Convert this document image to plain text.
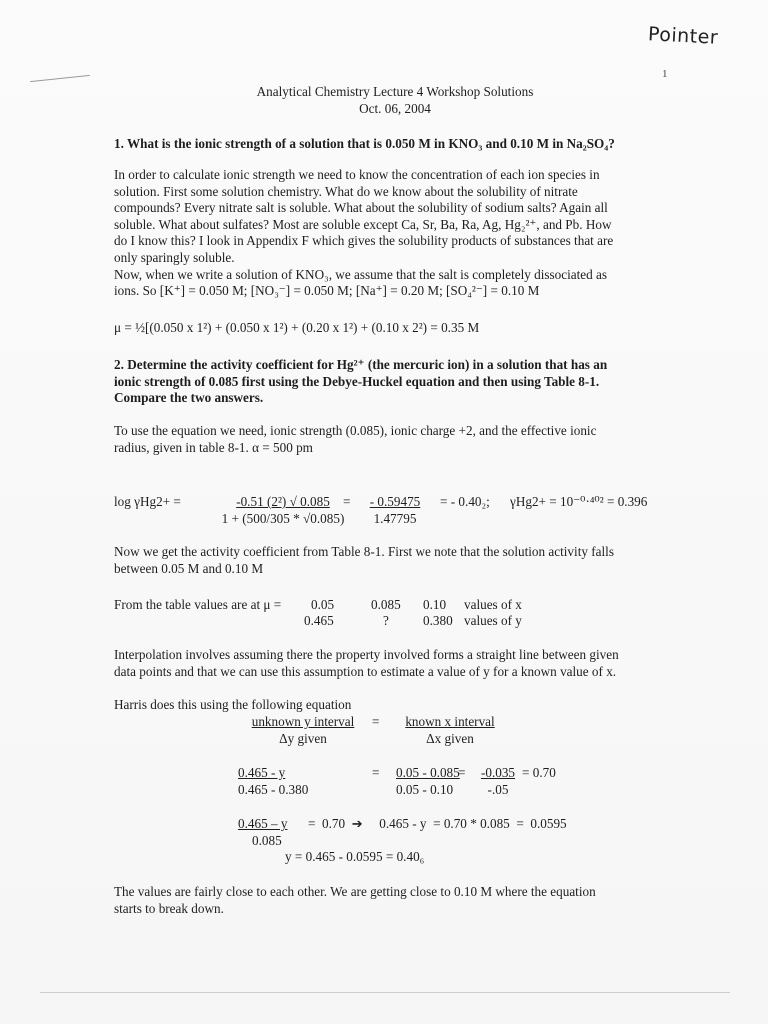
Pointer
1

Analytical Chemistry Lecture 4 Workshop Solutions

Oct. 06, 2004

1. What is the ionic strength of a solution that is 0.050 M in KNO₃ and 0.10 M in Na₂SO₄?

In order to calculate ionic strength we need to know the concentration of each ion species in

solution. First some solution chemistry. What do we know about the solubility of nitrate

compounds? Every nitrate salt is soluble. What about the solubility of sodium salts? Again all

soluble. What about sulfates? Most are soluble except Ca, Sr, Ba, Ra, Ag, Hg₂²⁺, and Pb. How

do I know this? I look in Appendix F which gives the solubility products of substances that are

only sparingly soluble.

Now, when we write a solution of KNO₃, we assume that the salt is completely dissociated as

ions. So [K⁺] = 0.050 M; [NO₃⁻] = 0.050 M; [Na⁺] = 0.20 M; [SO₄²⁻] = 0.10 M

μ = ½[(0.050 x 1²) + (0.050 x 1²) + (0.20 x 1²) + (0.10 x 2²) = 0.35 M

2. Determine the activity coefficient for Hg²⁺ (the mercuric ion) in a solution that has an

ionic strength of 0.085 first using the Debye-Huckel equation and then using Table 8-1.

Compare the two answers.

To use the equation we need, ionic strength (0.085), ionic charge +2, and the effective ionic

radius, given in table 8-1. α = 500 pm

$\log \gamma Hg2+ = \frac{\text{-0.51 (2²) √ 0.085}}{1 + (500/305 * √0.085)}$
= $\frac{- 0.59475}{1.47795}$ = - 0.40₂; γHg2+ = 10⁻⁰·⁴⁰² = 0.396

Now we get the activity coefficient from Table 8-1. First we note that the solution activity falls

between 0.05 M and 0.10 M

From the table values are at μ = 0.05	0.085 0.10 values of x
0.465	?	0.380 values of y

Interpolation involves assuming there the property involved forms a straight line between given

data points and that we can use this assumption to estimate a value of y for a known value of x.

Harris does this using the following equation

unknown y interval
Δy given
=	known x interval
Δx given
$\frac{0.465 - y}{0.465 - 0.380} = \frac{0.05 - 0.085}{0.05 - 0.10}$
= $\frac{-0.035}{-.05} = 0.70$
$\frac{0.465 - y}{0.085} = 0.70$  ➔     0.465 - y  = 0.70 * 0.085  =  0.0595
y = 0.465 - 0.0595 = 0.40₆

The values are fairly close to each other. We are getting close to 0.10 M where the equation

starts to break down.
